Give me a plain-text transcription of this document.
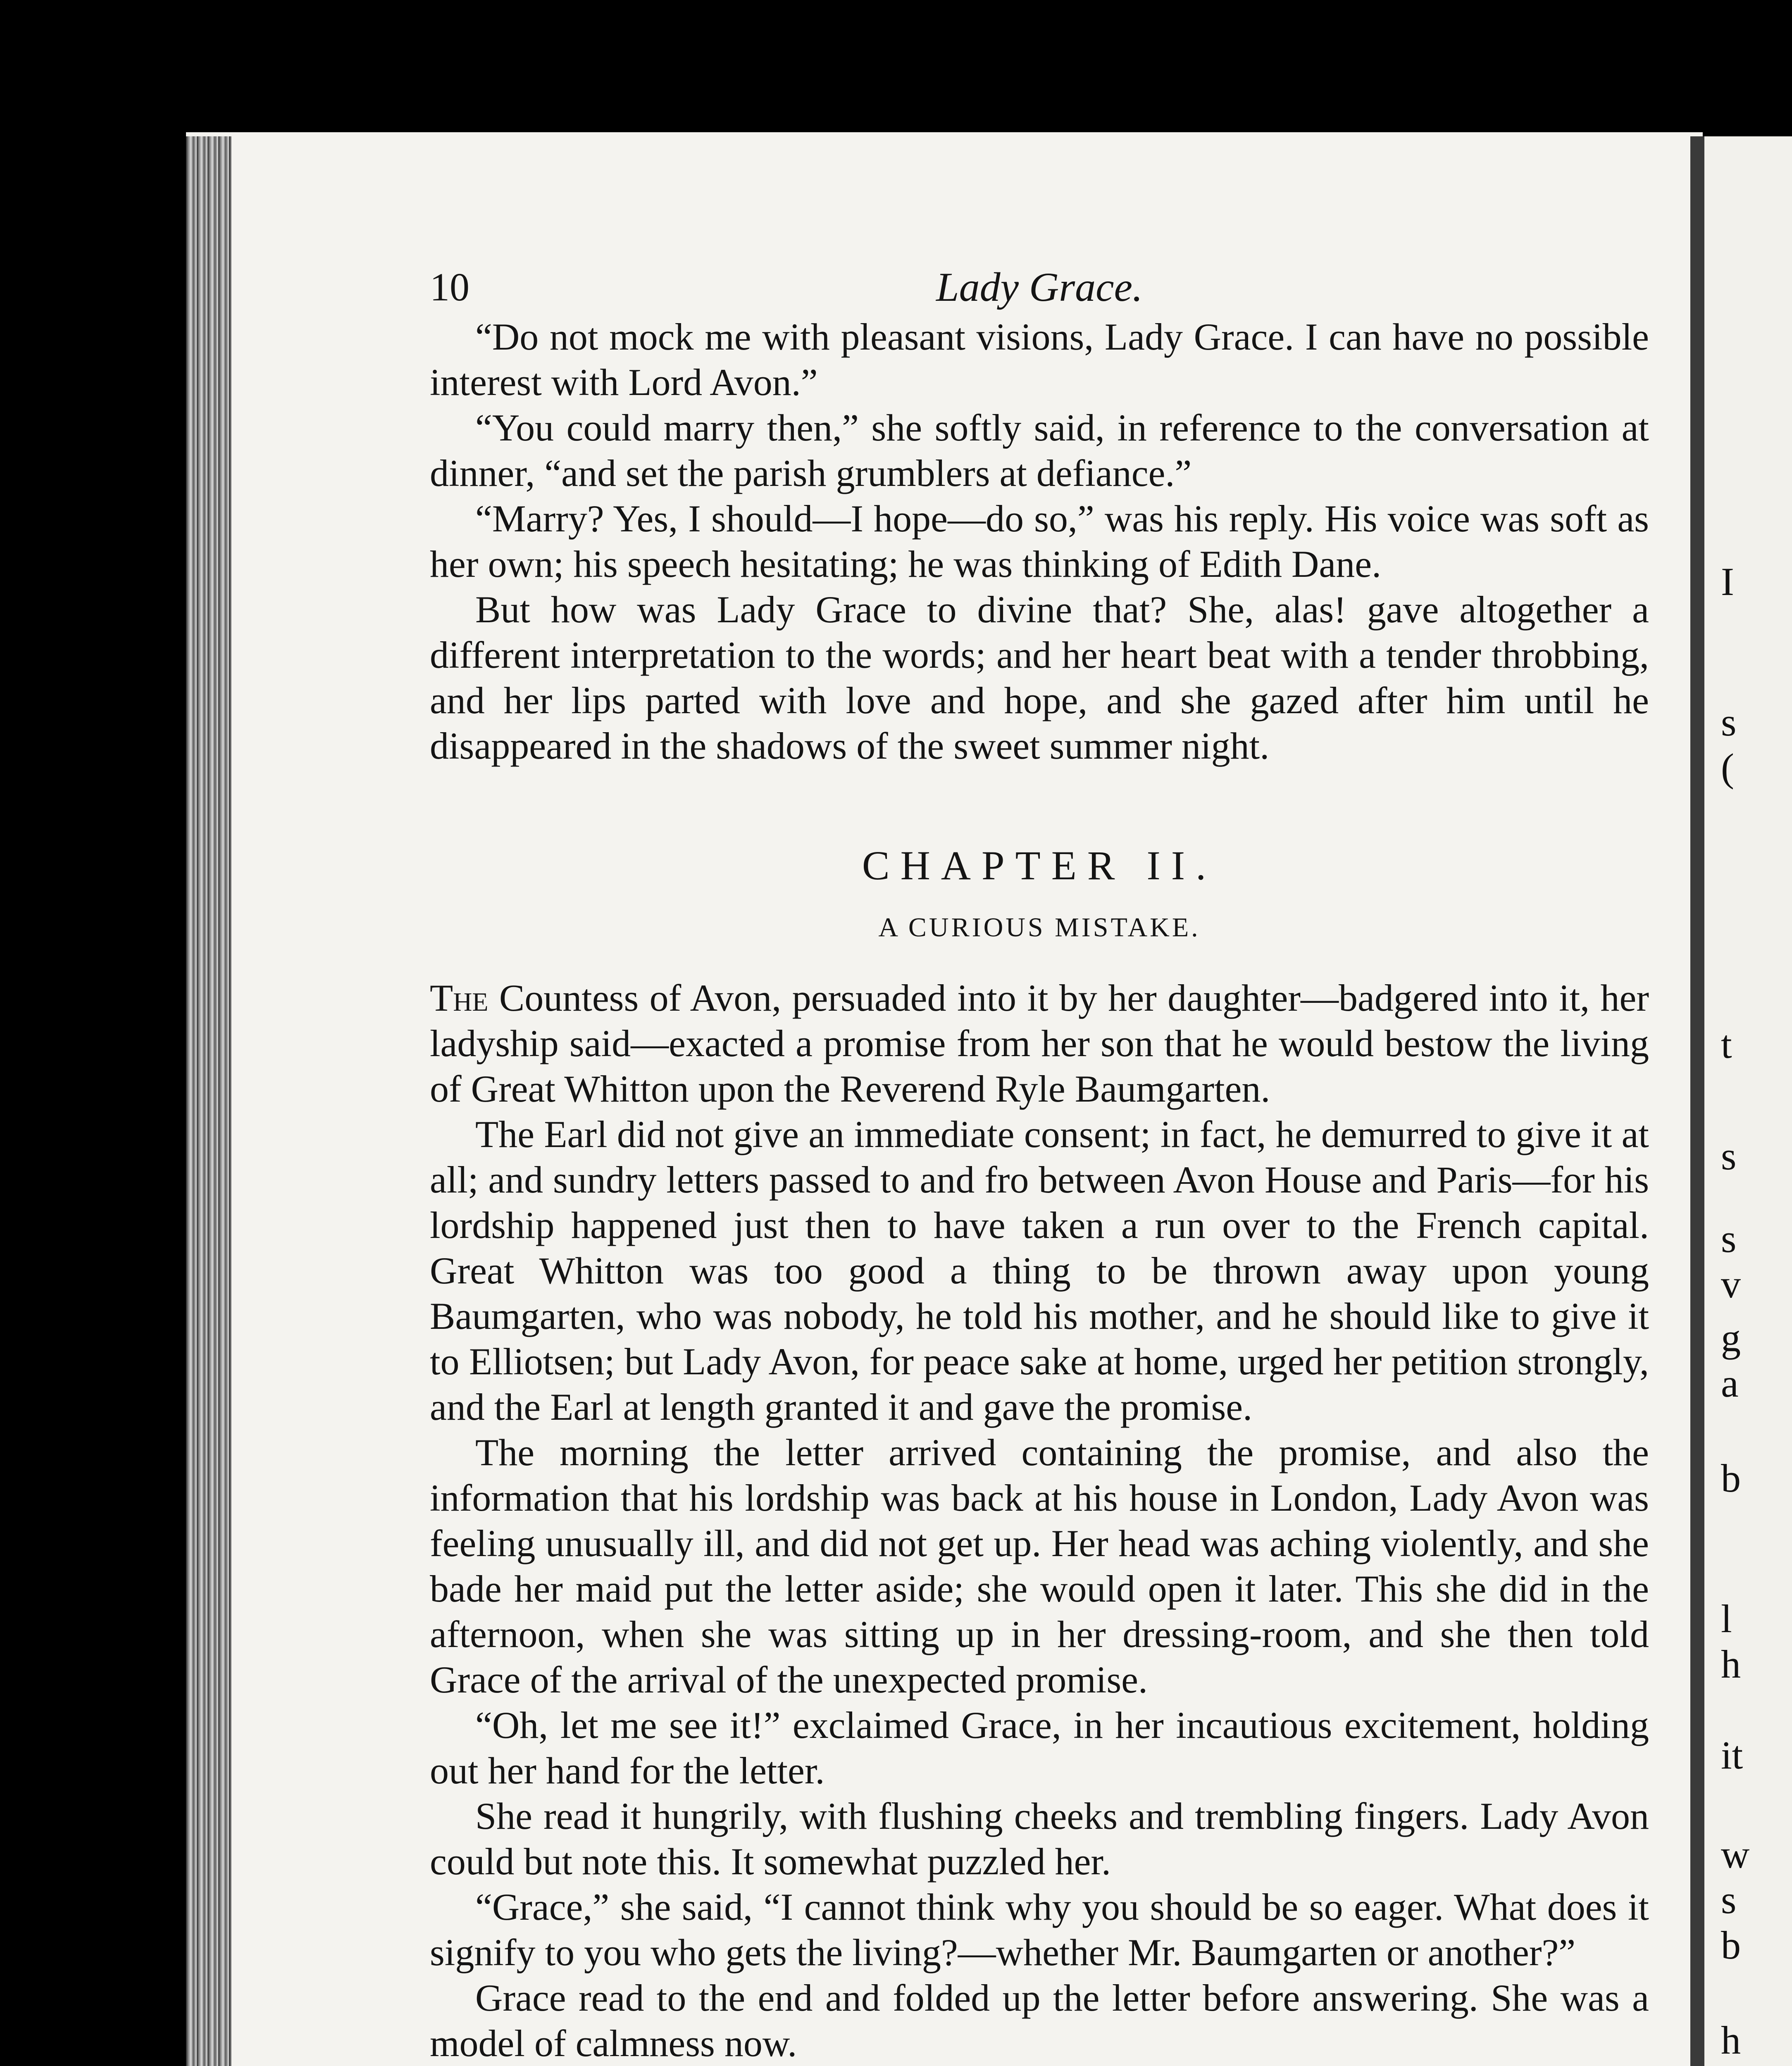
I
s
(
t
s
s
v
g
a
b
l
h
it
w
s
b
h
10	Lady Grace.

“Do not mock me with pleasant visions, Lady Grace. I can have no possible interest with Lord Avon.”

“You could marry then,” she softly said, in reference to the conversation at dinner, “and set the parish grumblers at defiance.”

“Marry? Yes, I should—I hope—do so,” was his reply. His voice was soft as her own; his speech hesitating; he was thinking of Edith Dane.

But how was Lady Grace to divine that? She, alas! gave altogether a different interpretation to the words; and her heart beat with a tender throbbing, and her lips parted with love and hope, and she gazed after him until he disappeared in the shadows of the sweet summer night.

CHAPTER II.
A CURIOUS MISTAKE.

The Countess of Avon, persuaded into it by her daughter—badgered into it, her ladyship said—exacted a promise from her son that he would bestow the living of Great Whitton upon the Reverend Ryle Baumgarten.

The Earl did not give an immediate consent; in fact, he demurred to give it at all; and sundry letters passed to and fro between Avon House and Paris—for his lordship happened just then to have taken a run over to the French capital. Great Whitton was too good a thing to be thrown away upon young Baumgarten, who was nobody, he told his mother, and he should like to give it to Elliotsen; but Lady Avon, for peace sake at home, urged her petition strongly, and the Earl at length granted it and gave the promise.

The morning the letter arrived containing the promise, and also the information that his lordship was back at his house in London, Lady Avon was feeling unusually ill, and did not get up. Her head was aching violently, and she bade her maid put the letter aside; she would open it later. This she did in the afternoon, when she was sitting up in her dressing-room, and she then told Grace of the arrival of the unexpected promise.

“Oh, let me see it!” exclaimed Grace, in her incautious excitement, holding out her hand for the letter.

She read it hungrily, with flushing cheeks and trembling fingers. Lady Avon could but note this. It somewhat puzzled her.

“Grace,” she said, “I cannot think why you should be so eager. What does it signify to you who gets the living?—whether Mr. Baumgarten or another?”

Grace read to the end and folded up the letter before answering. She was a model of calmness now.
